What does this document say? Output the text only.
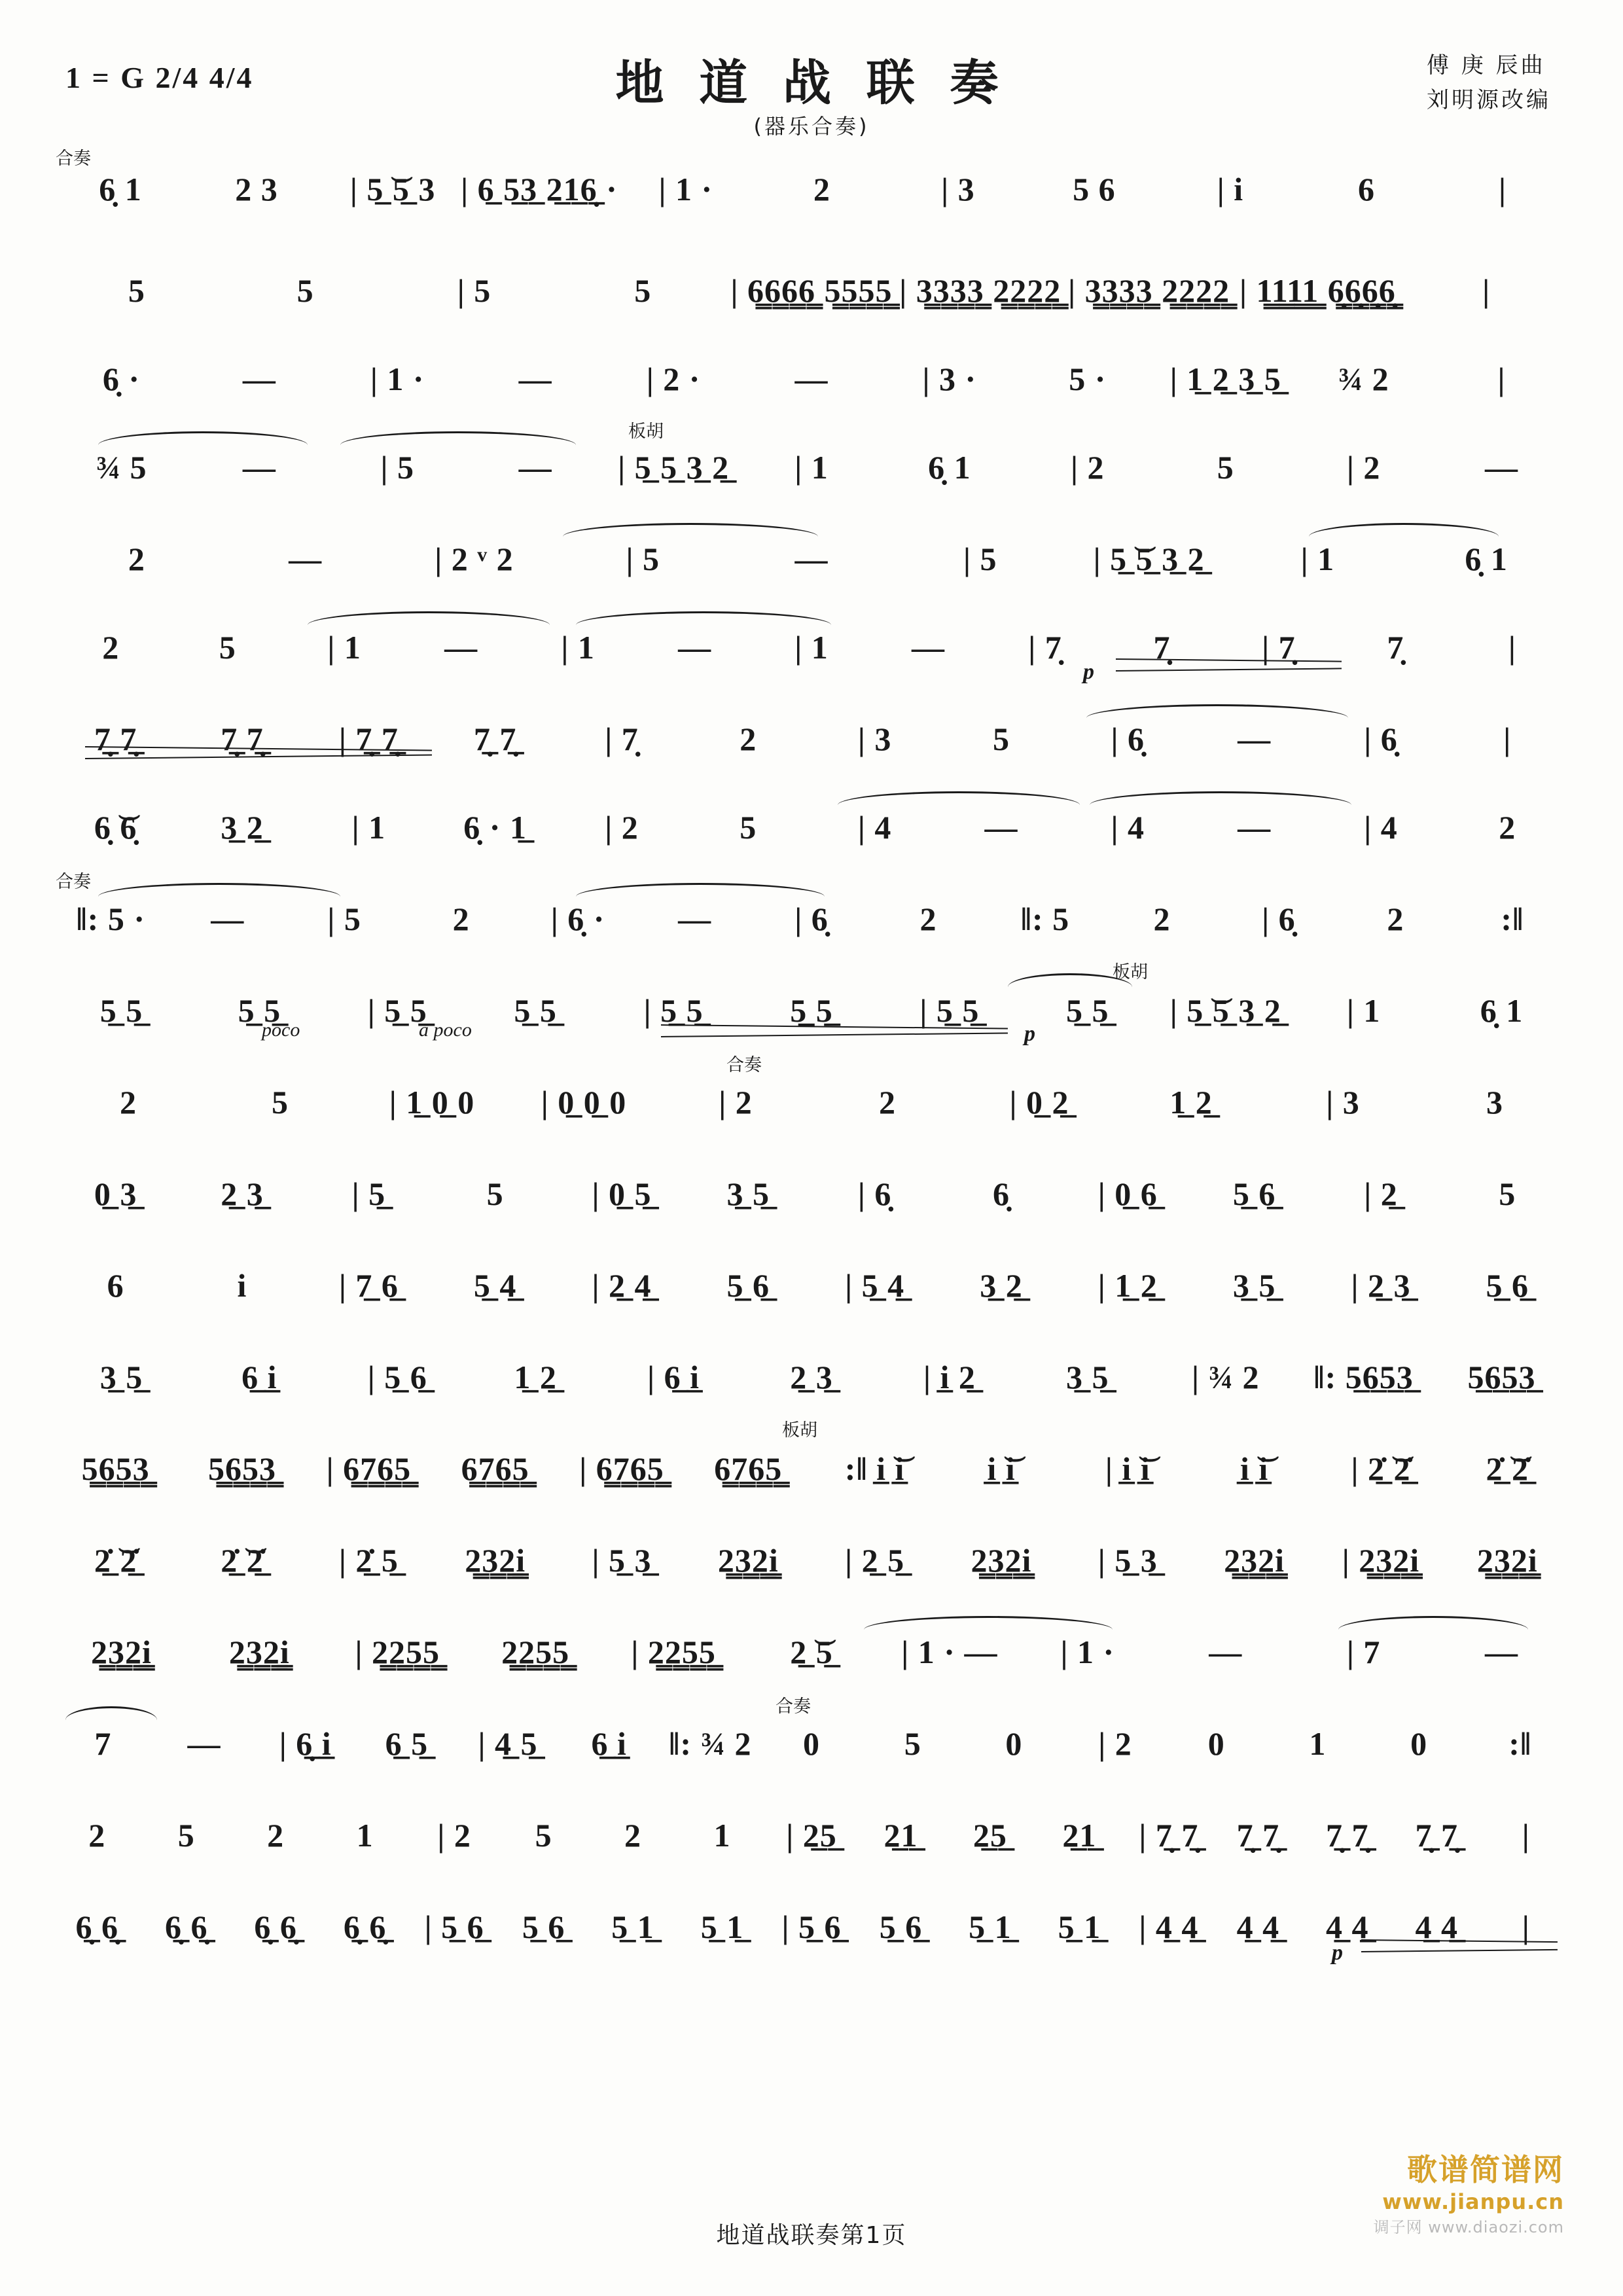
1 = G 2/4 4/4	地 道 战 联 奏
(器乐合奏)
傅 庚 辰曲
刘明源改编
合奏
6̣ 1	2 3	| 5̲ ͝5̲ 3 | 6̲ 5̲3̲ 2̲1̲6̣̲ ·	| 1 ·	2	| 3	5 6	| i	6	|
5	5	| 5	5	| 6̳6̳6̳6̳ 5̳5̳5̳5̳ | 3̳3̳3̳3̳ 2̳2̳2̳2̳ | 3̳3̳3̳3̳ 2̳2̳2̳2̳ | 1̳1̳1̳1̳ 6̣̳6̣̳6̣̳6̣̳	|
6̣ ·	—	| 1 ·	—	| 2 ·	—	| 3 ·	5 ·	| 1̲ 2̲ 3̲ 5̲	¾ 2	|
板胡
¾ 5	—	| 5	—	| 5̲ 5̲ 3̲ 2̲	| 1	6̣ 1	| 2	5	| 2	—
2	—	| 2 ᵛ 2	| 5	—	| 5	| 5̲ ͝5̲ 3̲ 2̲	| 1	6̣ 1
p
2	5	| 1	—	| 1	—	| 1	—	| 7̣	7̣	| 7̣	7̣	|
7̣̲ 7̣̲	7̣̲ 7̣̲	| 7̣̲ 7̣̲	7̣̲ 7̣̲	| 7̣	2	| 3	5	| 6̣	—	| 6̣	|
6̣ ͝6̣	3̲ 2̲	| 1	6̣ · 1̲	| 2	5	| 4	—	| 4	—	| 4	2
合奏
‖: 5 ·	—	| 5	2	| 6̣ ·	—	| 6̣	2	‖: 5	2	| 6̣	2	:‖
板胡
poco	a poco	p
5̲ 5̲	5̲ 5̲	| 5̲ 5̲	5̲ 5̲	| 5̲ 5̲	5̲ 5̲	| 5̲ 5̲	5̲ 5̲	| 5̲ ͝5̲ 3̲ 2̲	| 1	6̣ 1
合奏
2	5	| 1̲ 0̲ 0	| 0̲ 0̲ 0	| 2	2	| 0̲ 2̲	1̲ 2̲	| 3	3
0̲ 3̲	2̲ 3̲	| 5̲	5	| 0̲ 5̲	3̲ 5̲	| 6̣	6̣	| 0̲ 6̲	5̲ 6̲	| 2̲	5
6	i	| 7̲ 6̲	5̲ 4̲	| 2̲ 4̲	5̲ 6̲	| 5̲ 4̲	3̲ 2̲	| 1̲ 2̲	3̲ 5̲	| 2̲ 3̲	5̲ 6̲
3̲ 5̲	6̲ i̲	| 5̲ 6̲	1̲ 2̲	| 6̲ i̲	2̲ 3̲	| i̲ 2̲	3̲ 5̲	| ¾ 2	‖: 5̲6̲5̲3̲	5̲6̲5̲3̲
板胡
5̳6̳5̳3̳	5̳6̳5̳3̳	| 6̳7̳6̳5̳	6̳7̳6̳5̳	| 6̳7̳6̳5̳	6̳7̳6̳5̳	:‖ i̲ ͝i̲	i̲ ͝i̲	| i̲ ͝i̲	i̲ ͝i̲	| 2̲̇ ͝2̲̇	2̲̇ ͝2̲̇
2̲̇ ͝2̲̇	2̲̇ ͝2̲̇	| 2̲̇ 5̲	2̳3̳2̳i̳	| 5̲ 3̲	2̳3̳2̳i̳	| 2̲ 5̲	2̳3̳2̳i̳	| 5̲ 3̲	2̳3̳2̳i̳	| 2̳3̳2̳i̳	2̳3̳2̳i̳
2̳3̳2̳i̳	2̳3̳2̳i̳	| 2̳2̳5̳5̳	2̳2̳5̳5̳	| 2̳2̳5̳5̳	2̲ ͝5̲	| 1 · —	| 1 ·	—	| 7	—
合奏
7	—	| 6̣̲ i̲	6̲ 5̲	| 4̲ 5̲	6̲ i̲	‖: ¾ 2	0	5	0	| 2	0	1	0	:‖
2	5	2	1	| 2	5	2	1	| 2̲5̲	2̲1̲	2̲5̲	2̲1̲	| 7̣̲ 7̣̲	7̣̲ 7̣̲	7̣̲ 7̣̲	7̣̲ 7̣̲	|
p
6̣̲ 6̣̲	6̣̲ 6̣̲	6̣̲ 6̣̲	6̣̲ 6̣̲	| 5̲ 6̲	5̲ 6̲	5̲ 1̲	5̲ 1̲	| 5̲ 6̲	5̲ 6̲	5̲ 1̲	5̲ 1̲	| 4̲ 4̲	4̲ 4̲	4̲ 4̲	4̲ 4̲	|
地道战联奏第1页
歌谱简谱网
www.jianpu.cn
调子网 www.diaozi.com
